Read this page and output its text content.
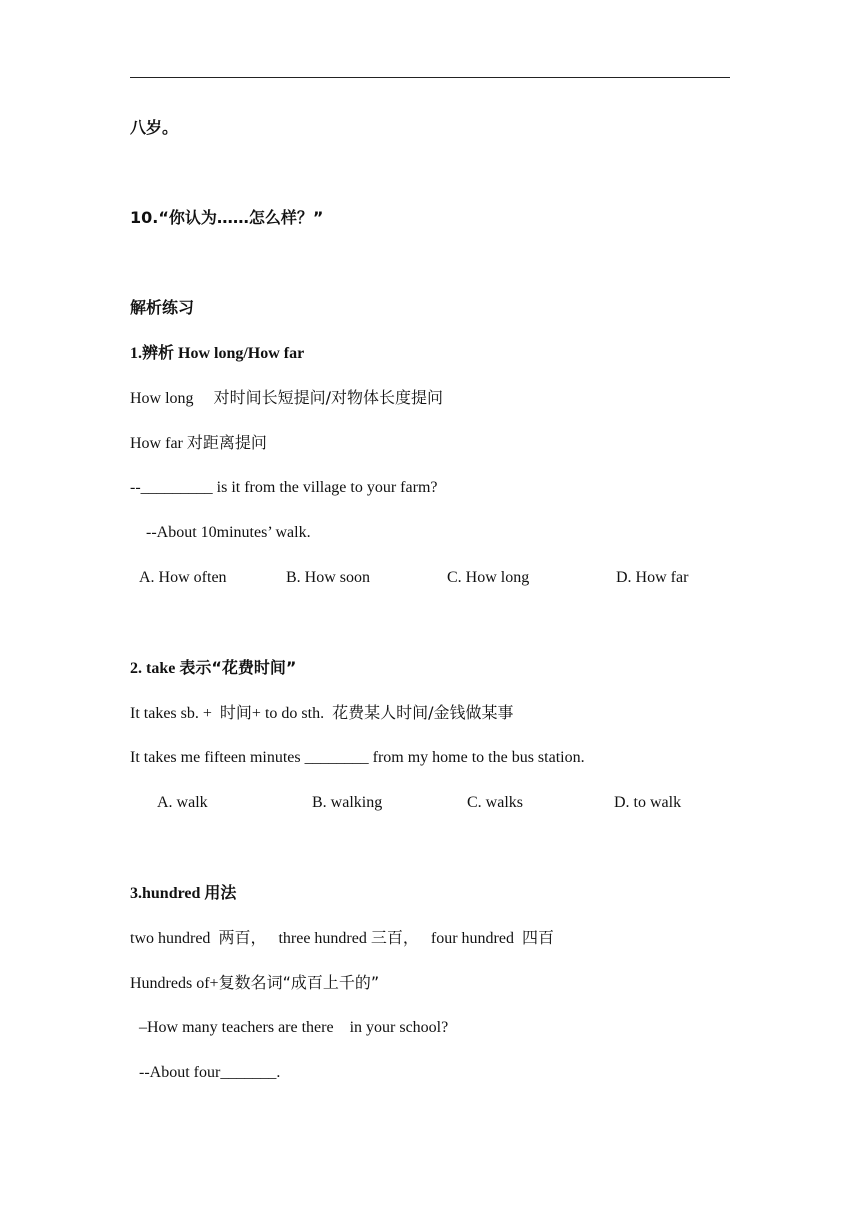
八岁。
10.“你认为……怎么样？”
解析练习
1.辨析 How long/How far
How long     对时间长短提问/对物体长度提问
How far 对距离提问
--_________ is it from the village to your farm?
--About 10minutes’ walk.
A. How often	B. How soon	C. How long	D. How far
2. take 表示“花费时间”
It takes sb. +  时间+ to do sth.  花费某人时间/金钱做某事
It takes me fifteen minutes ________ from my home to the bus station.
A. walk	B. walking	C. walks	D. to walk
3.hundred 用法
two hundred  两百，   three hundred 三百，   four hundred  四百
Hundreds of+复数名词“成百上千的”
–How many teachers are there    in your school?
--About four_______.
